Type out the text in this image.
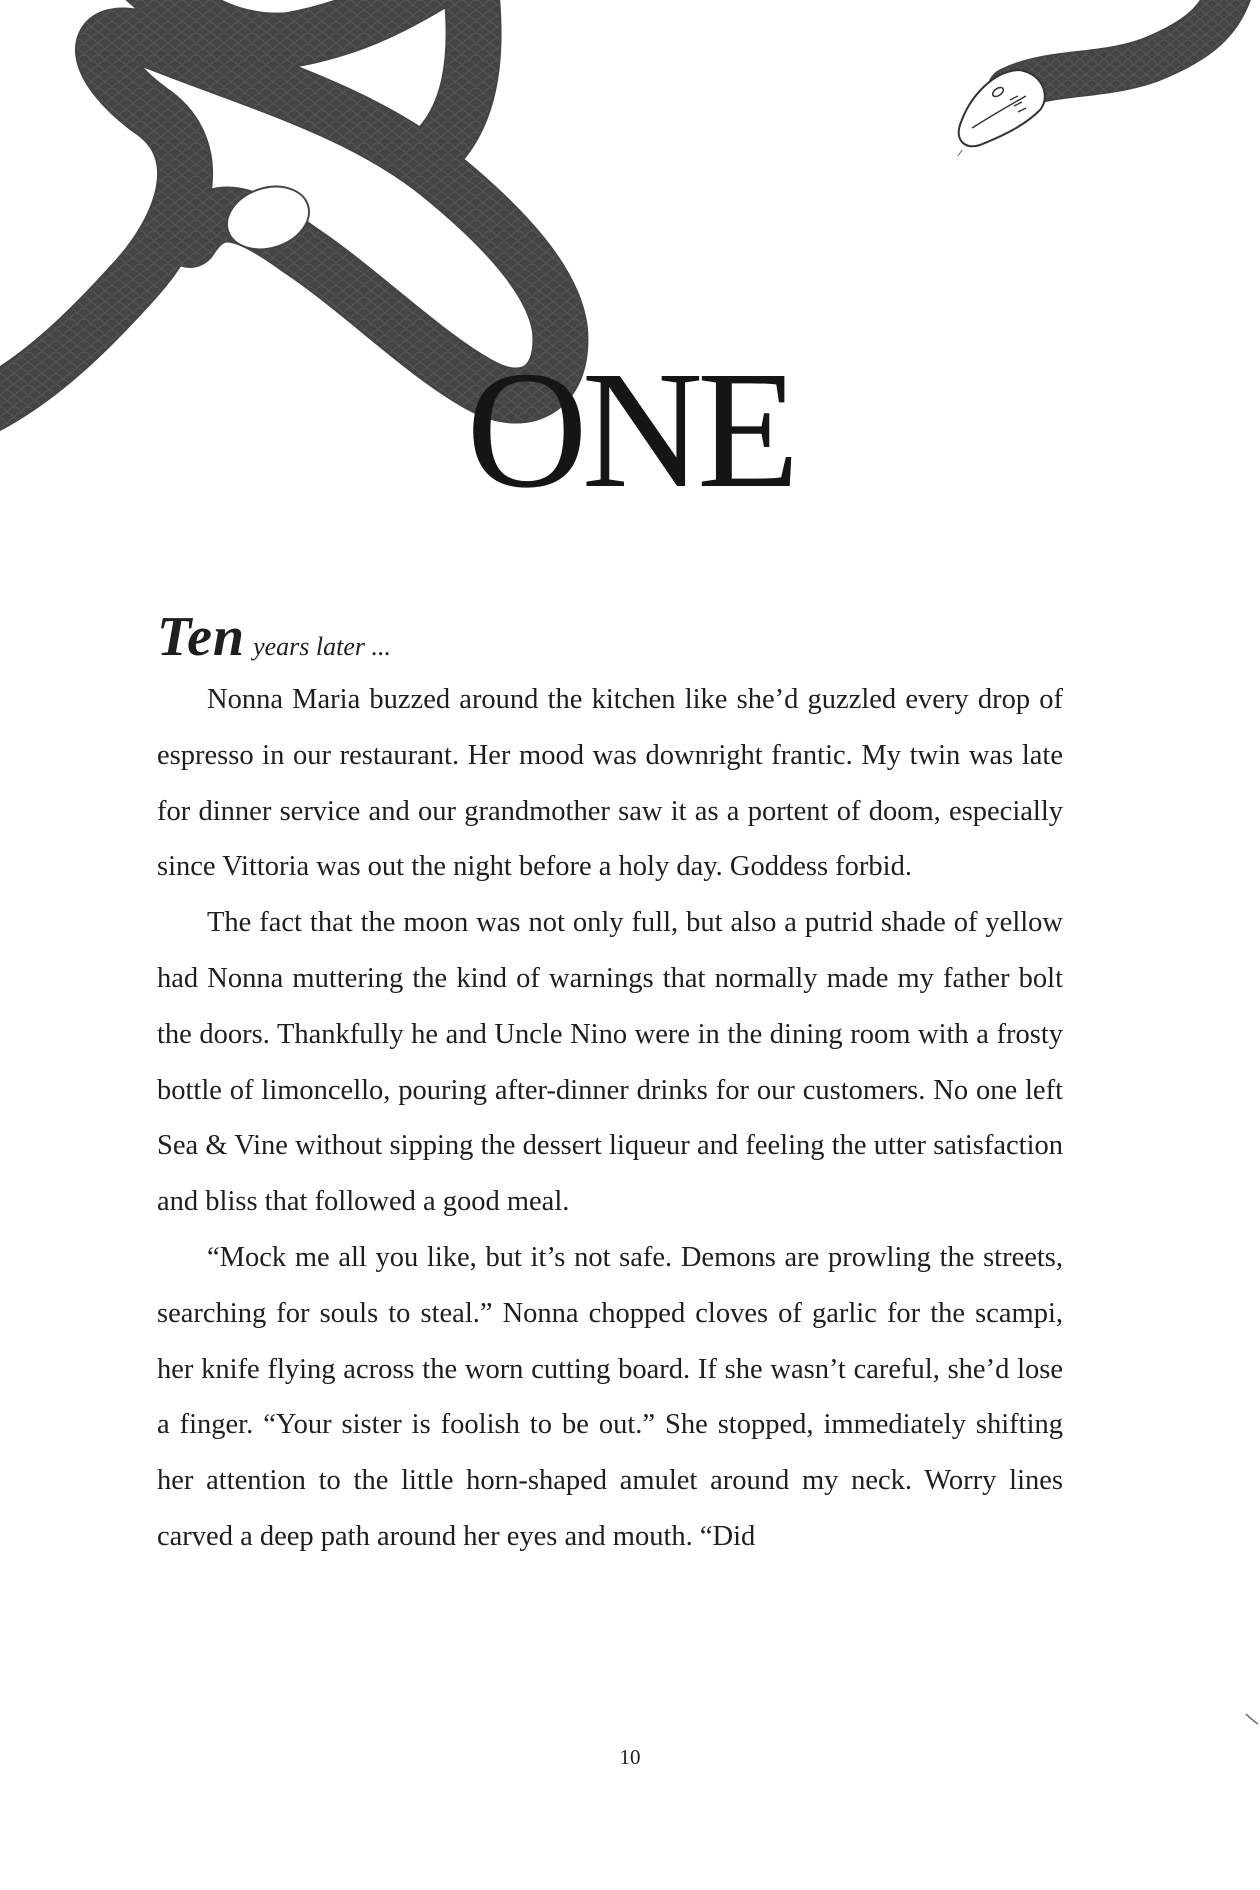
ONE
Ten years later ...

Nonna Maria buzzed around the kitchen like she’d guzzled every drop of espresso in our restaurant. Her mood was downright frantic. My twin was late for dinner service and our grandmother saw it as a portent of doom, especially since Vittoria was out the night before a holy day. Goddess forbid.

The fact that the moon was not only full, but also a putrid shade of yellow had Nonna muttering the kind of warnings that normally made my father bolt the doors. Thankfully he and Uncle Nino were in the dining room with a frosty bottle of limoncello, pouring after-dinner drinks for our customers. No one left Sea & Vine without sipping the dessert liqueur and feeling the utter satisfaction and bliss that followed a good meal.

“Mock me all you like, but it’s not safe. Demons are prowling the streets, searching for souls to steal.” Nonna chopped cloves of garlic for the scampi, her knife flying across the worn cutting board. If she wasn’t careful, she’d lose a finger. “Your sister is foolish to be out.” She stopped, immediately shifting her attention to the little horn-shaped amulet around my neck. Worry lines carved a deep path around her eyes and mouth. “Did

10
